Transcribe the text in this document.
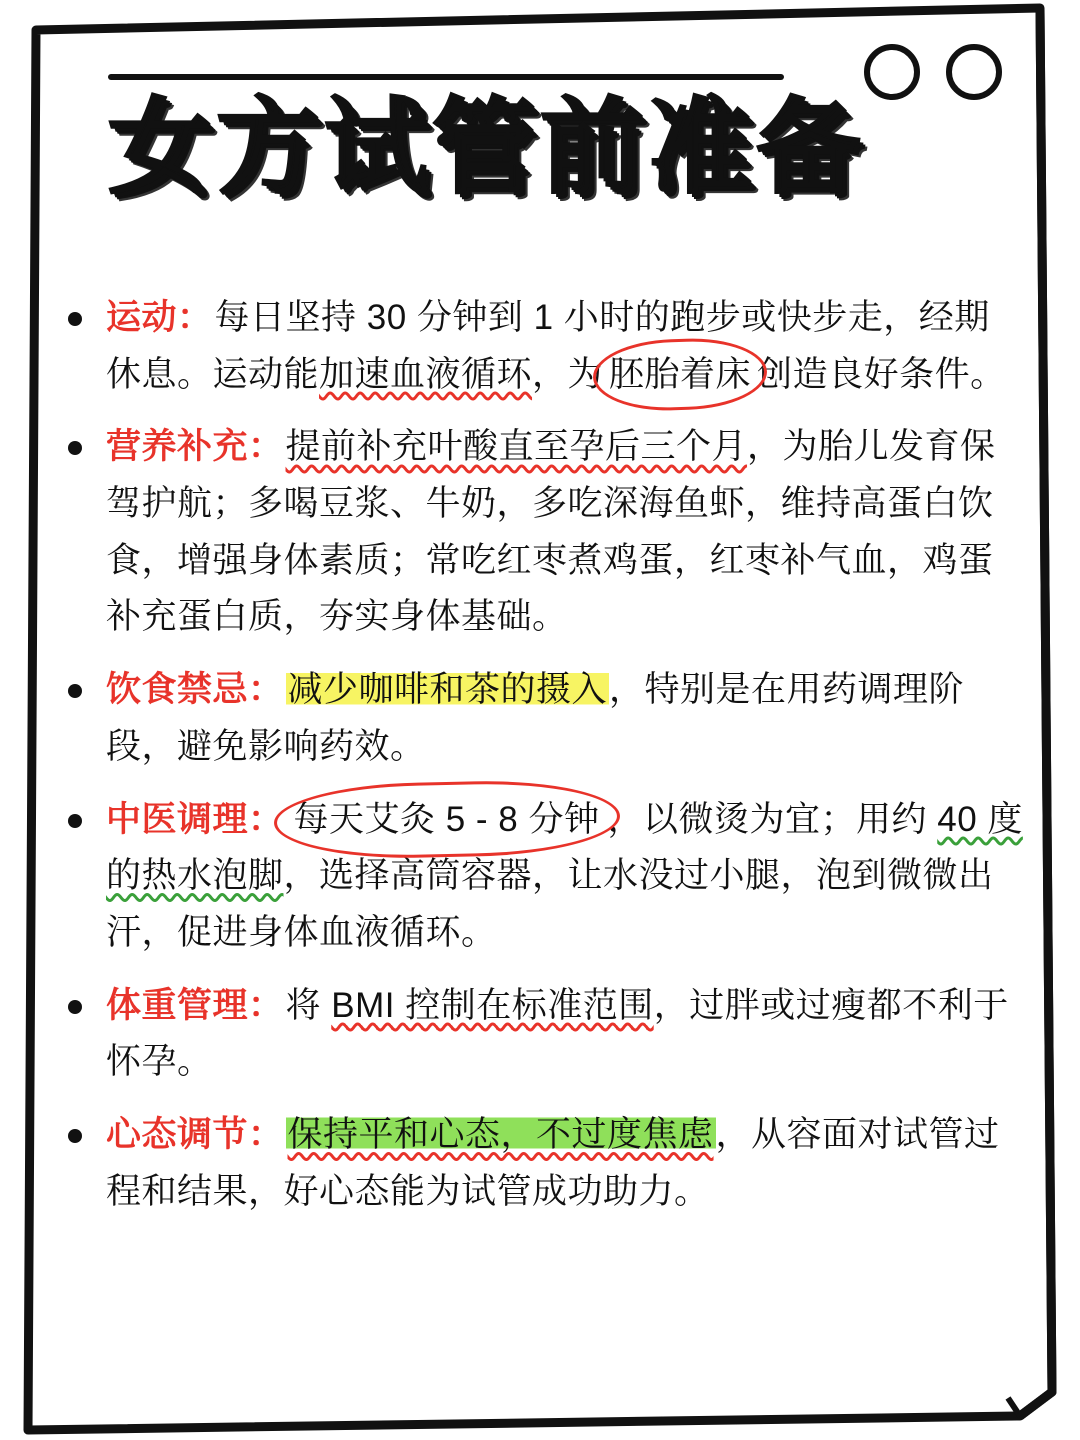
女方试管前准备
运动：每日坚持 30 分钟到 1 小时的跑步或快步走，经期休息。运动能加速血液循环，为 胚胎着床 创造良好条件。
营养补充：提前补充叶酸直至孕后三个月，为胎儿发育保驾护航；多喝豆浆、牛奶，多吃深海鱼虾，维持高蛋白饮食，增强身体素质；常吃红枣煮鸡蛋，红枣补气血，鸡蛋补充蛋白质，夯实身体基础。
饮食禁忌： 减少咖啡和茶的摄入，特别是在用药调理阶段，避免影响药效。
中医调理： 每天艾灸 5 - 8 分钟 ，以微烫为宜；用约 40 度的热水泡脚，选择高筒容器，让水没过小腿，泡到微微出汗，促进身体血液循环。
体重管理：将 BMI 控制在标准范围，过胖或过瘦都不利于怀孕。
心态调节： 保持平和心态，不过度焦虑，从容面对试管过程和结果，好心态能为试管成功助力。
